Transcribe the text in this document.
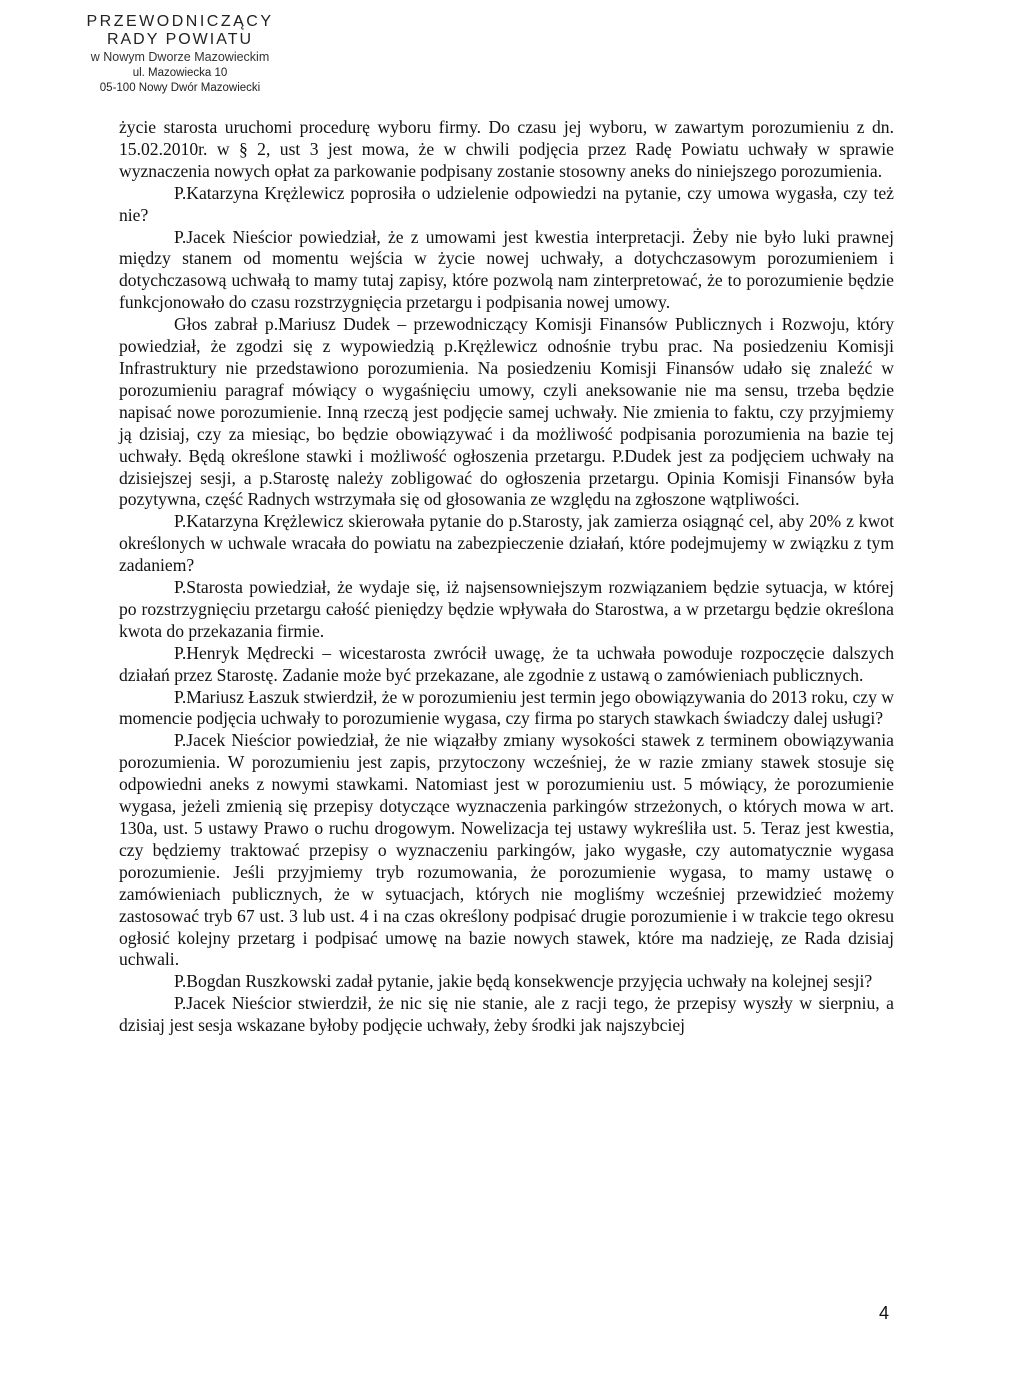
PRZEWODNICZĄCY
RADY POWIATU
w Nowym Dworze Mazowieckim
ul. Mazowiecka 10
05-100 Nowy Dwór Mazowiecki

życie starosta uruchomi procedurę wyboru firmy. Do czasu jej wyboru, w zawartym porozumieniu z dn. 15.02.2010r. w § 2, ust 3 jest mowa, że w chwili podjęcia przez Radę Powiatu uchwały w sprawie wyznaczenia nowych opłat za parkowanie podpisany zostanie stosowny aneks do niniejszego porozumienia.

P.Katarzyna Krężlewicz poprosiła o udzielenie odpowiedzi na pytanie, czy umowa wygasła, czy też nie?

P.Jacek Nieścior powiedział, że z umowami jest kwestia interpretacji. Żeby nie było luki prawnej między stanem od momentu wejścia w życie nowej uchwały, a dotychczasowym porozumieniem i dotychczasową uchwałą to mamy tutaj zapisy, które pozwolą nam zinterpretować, że to porozumienie będzie funkcjonowało do czasu rozstrzygnięcia przetargu i podpisania nowej umowy.

Głos zabrał p.Mariusz Dudek – przewodniczący Komisji Finansów Publicznych i Rozwoju, który powiedział, że zgodzi się z wypowiedzią p.Krężlewicz odnośnie trybu prac. Na posiedzeniu Komisji Infrastruktury nie przedstawiono porozumienia. Na posiedzeniu Komisji Finansów udało się znaleźć w porozumieniu paragraf mówiący o wygaśnięciu umowy, czyli aneksowanie nie ma sensu, trzeba będzie napisać nowe porozumienie. Inną rzeczą jest podjęcie samej uchwały. Nie zmienia to faktu, czy przyjmiemy ją dzisiaj, czy za miesiąc, bo będzie obowiązywać i da możliwość podpisania porozumienia na bazie tej uchwały. Będą określone stawki i możliwość ogłoszenia przetargu. P.Dudek jest za podjęciem uchwały na dzisiejszej sesji, a p.Starostę należy zobligować do ogłoszenia przetargu. Opinia Komisji Finansów była pozytywna, część Radnych wstrzymała się od głosowania ze względu na zgłoszone wątpliwości.

P.Katarzyna Krężlewicz skierowała pytanie do p.Starosty, jak zamierza osiągnąć cel, aby 20% z kwot określonych w uchwale wracała do powiatu na zabezpieczenie działań, które podejmujemy w związku z tym zadaniem?

P.Starosta powiedział, że wydaje się, iż najsensowniejszym rozwiązaniem będzie sytuacja, w której po rozstrzygnięciu przetargu całość pieniędzy będzie wpływała do Starostwa, a w przetargu będzie określona kwota do przekazania firmie.

P.Henryk Mędrecki – wicestarosta zwrócił uwagę, że ta uchwała powoduje rozpoczęcie dalszych działań przez Starostę. Zadanie może być przekazane, ale zgodnie z ustawą o zamówieniach publicznych.

P.Mariusz Łaszuk stwierdził, że w porozumieniu jest termin jego obowiązywania do 2013 roku, czy w momencie podjęcia uchwały to porozumienie wygasa, czy firma po starych stawkach świadczy dalej usługi?

P.Jacek Nieścior powiedział, że nie wiązałby zmiany wysokości stawek z terminem obowiązywania porozumienia. W porozumieniu jest zapis, przytoczony wcześniej, że w razie zmiany stawek stosuje się odpowiedni aneks z nowymi stawkami. Natomiast jest w porozumieniu ust. 5 mówiący, że porozumienie wygasa, jeżeli zmienią się przepisy dotyczące wyznaczenia parkingów strzeżonych, o których mowa w art. 130a, ust. 5 ustawy Prawo o ruchu drogowym. Nowelizacja tej ustawy wykreśliła ust. 5. Teraz jest kwestia, czy będziemy traktować przepisy o wyznaczeniu parkingów, jako wygasłe, czy automatycznie wygasa porozumienie. Jeśli przyjmiemy tryb rozumowania, że porozumienie wygasa, to mamy ustawę o zamówieniach publicznych, że w sytuacjach, których nie mogliśmy wcześniej przewidzieć możemy zastosować tryb 67 ust. 3 lub ust. 4 i na czas określony podpisać drugie porozumienie i w trakcie tego okresu ogłosić kolejny przetarg i podpisać umowę na bazie nowych stawek, które ma nadzieję, ze Rada dzisiaj uchwali.

P.Bogdan Ruszkowski zadał pytanie, jakie będą konsekwencje przyjęcia uchwały na kolejnej sesji?

P.Jacek Nieścior stwierdził, że nic się nie stanie, ale z racji tego, że przepisy wyszły w sierpniu, a dzisiaj jest sesja wskazane byłoby podjęcie uchwały, żeby środki jak najszybciej

4
